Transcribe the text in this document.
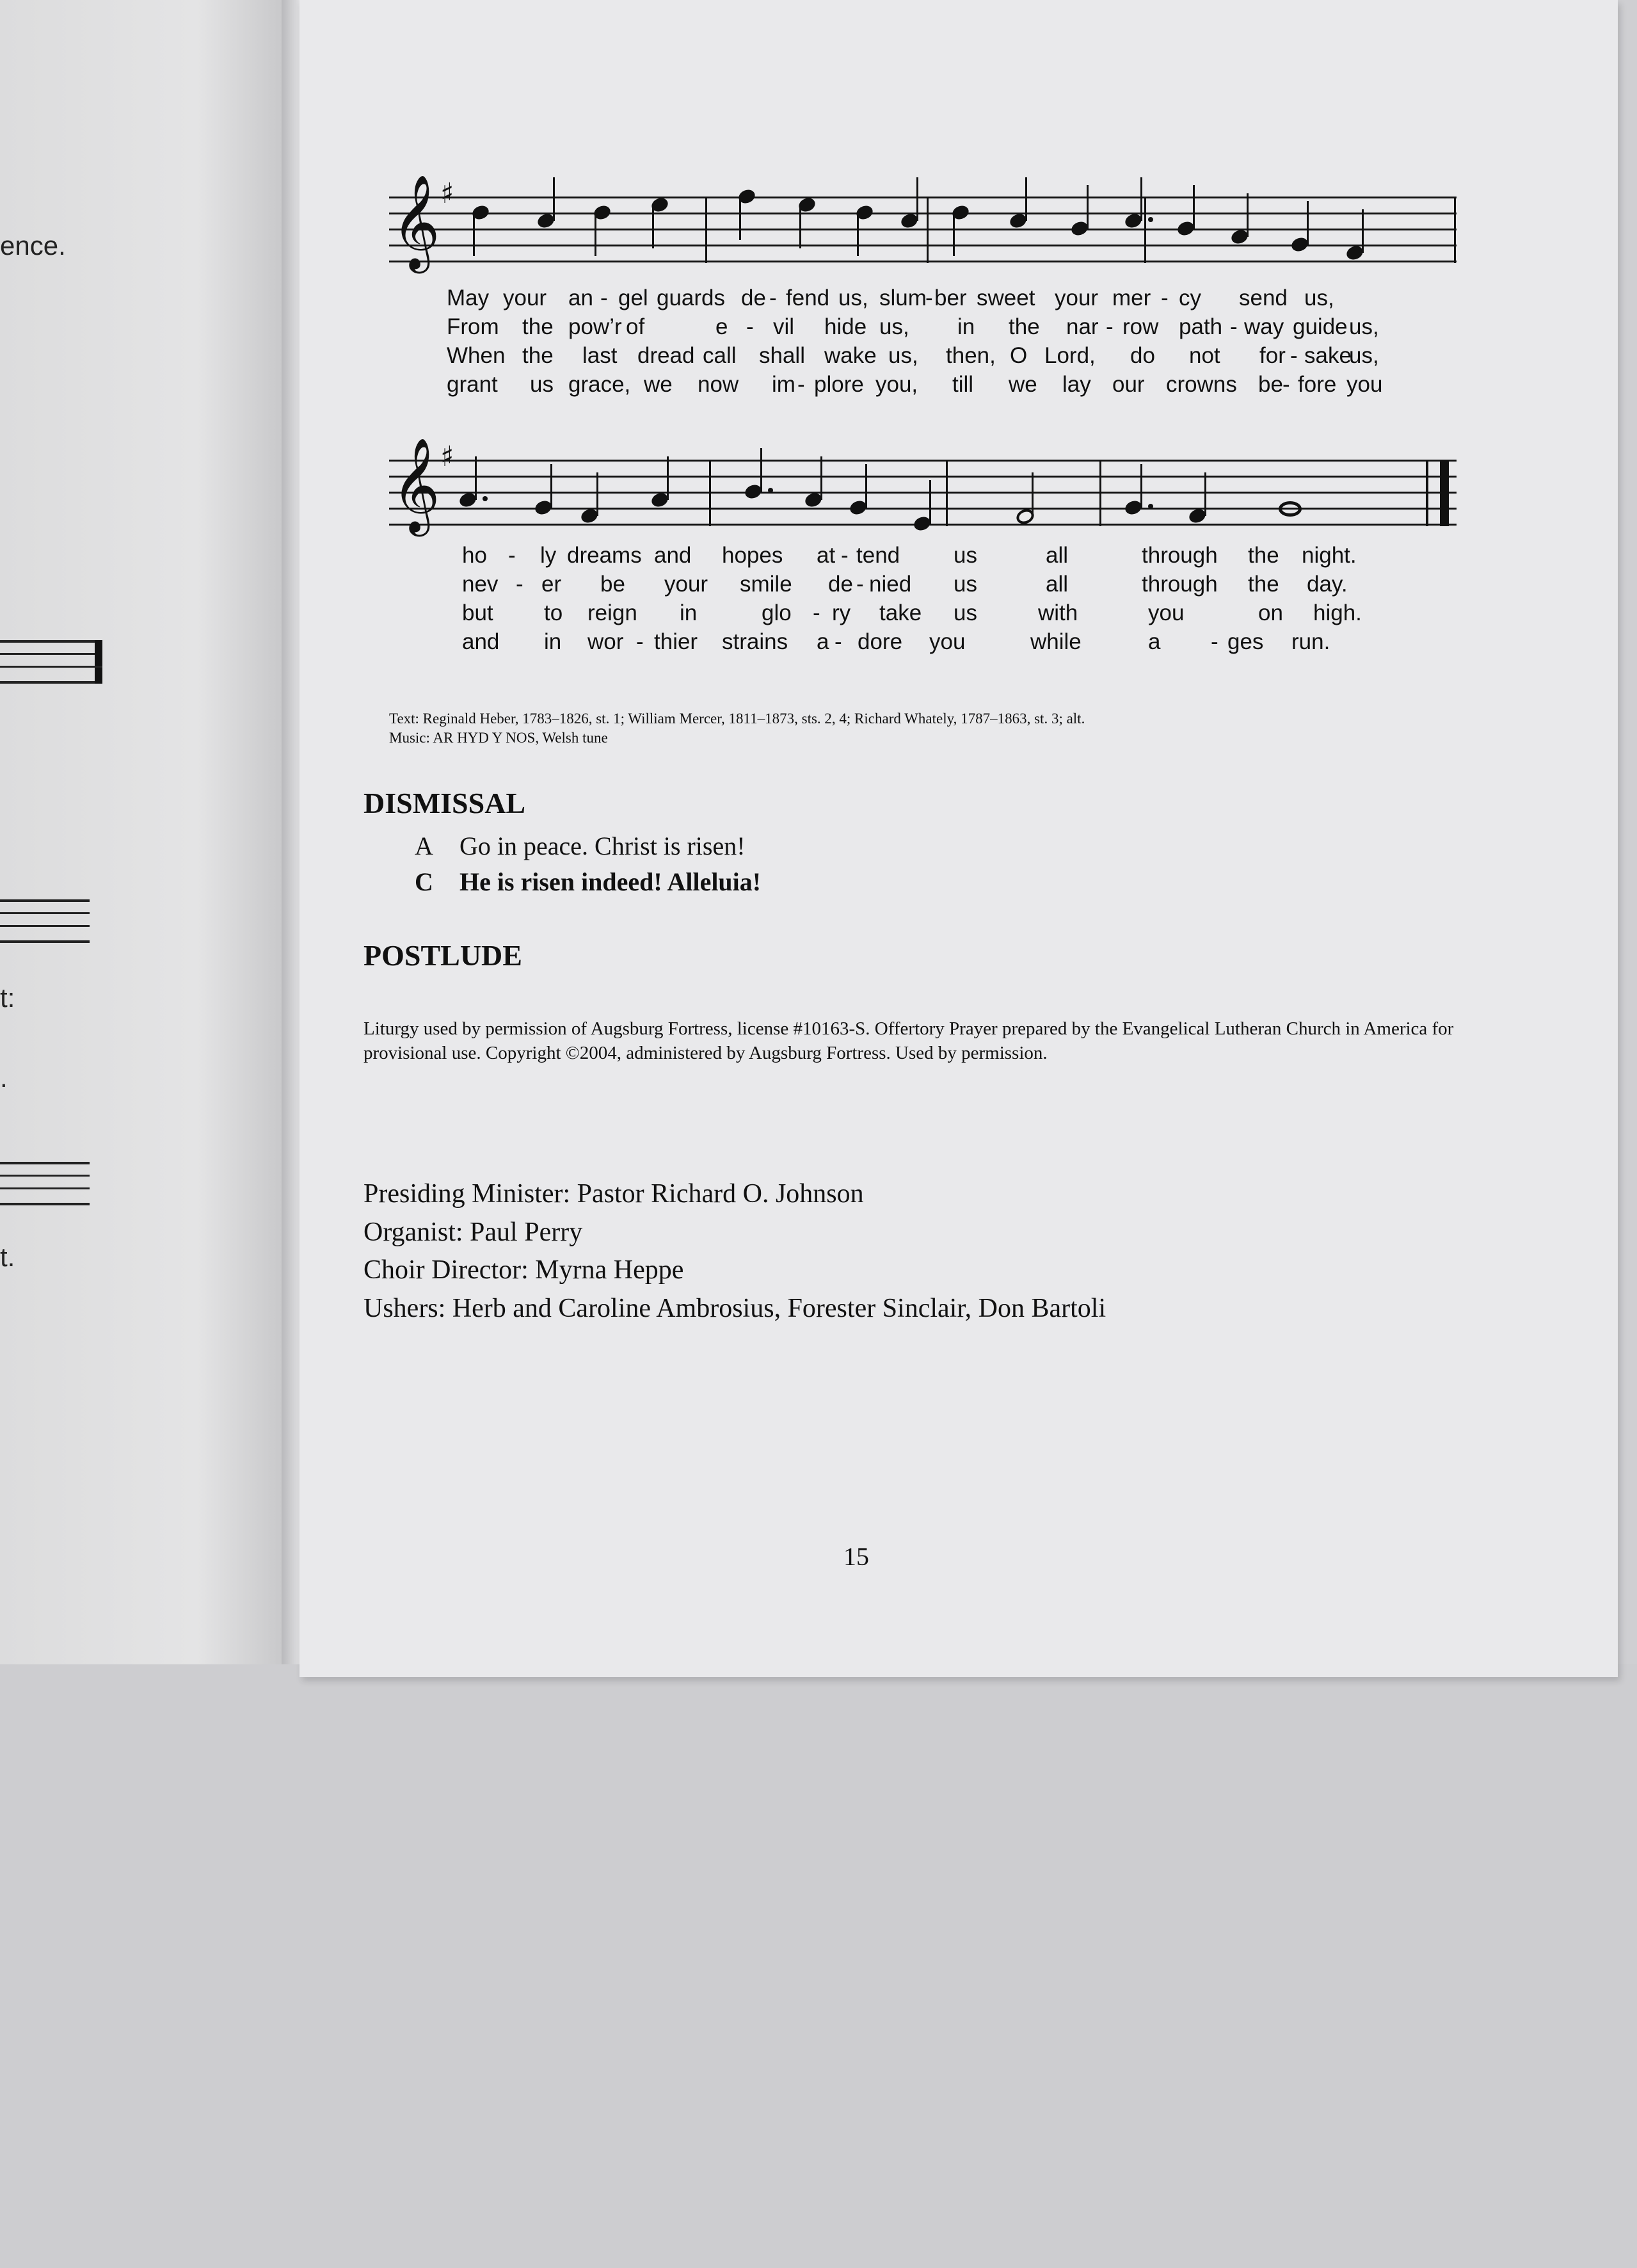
ence.
t:
.
t.
𝄞 ♯
May your an - gel guards de - fend us, slum
- ber sweet your mer - cy send us,
From the pow’r of	e - vil hide us, in the nar - row path - way guide us,
When the last dread call shall wake us, then, O Lord, do not for - sake
us,
grant us grace, we now im - plore you, till we lay our crowns be - fore you
𝄞 ♯
ho - ly dreams and hopes at - tend us	all	through the night.
nev - er be your smile de - nied us	all	through the day.
but to reign in	glo - ry take us	with	you	on high.
and in wor - thier strains a - dore you	while	a - ges run.
Text: Reginald Heber, 1783–1826, st. 1; William Mercer, 1811–1873, sts. 2, 4; Richard Whately, 1787–1863, st. 3; alt.
Music: AR HYD Y NOS, Welsh tune
DISMISSAL
A Go in peace. Christ is risen!
C He is risen indeed! Alleluia!
POSTLUDE
Liturgy used by permission of Augsburg Fortress, license #10163-S. Offertory Prayer prepared by the Evangelical Lutheran Church in America for provisional use. Copyright ©2004, administered by Augsburg Fortress. Used by permission.
Presiding Minister: Pastor Richard O. Johnson
Organist: Paul Perry
Choir Director: Myrna Heppe
Ushers: Herb and Caroline Ambrosius, Forester Sinclair, Don Bartoli
15
